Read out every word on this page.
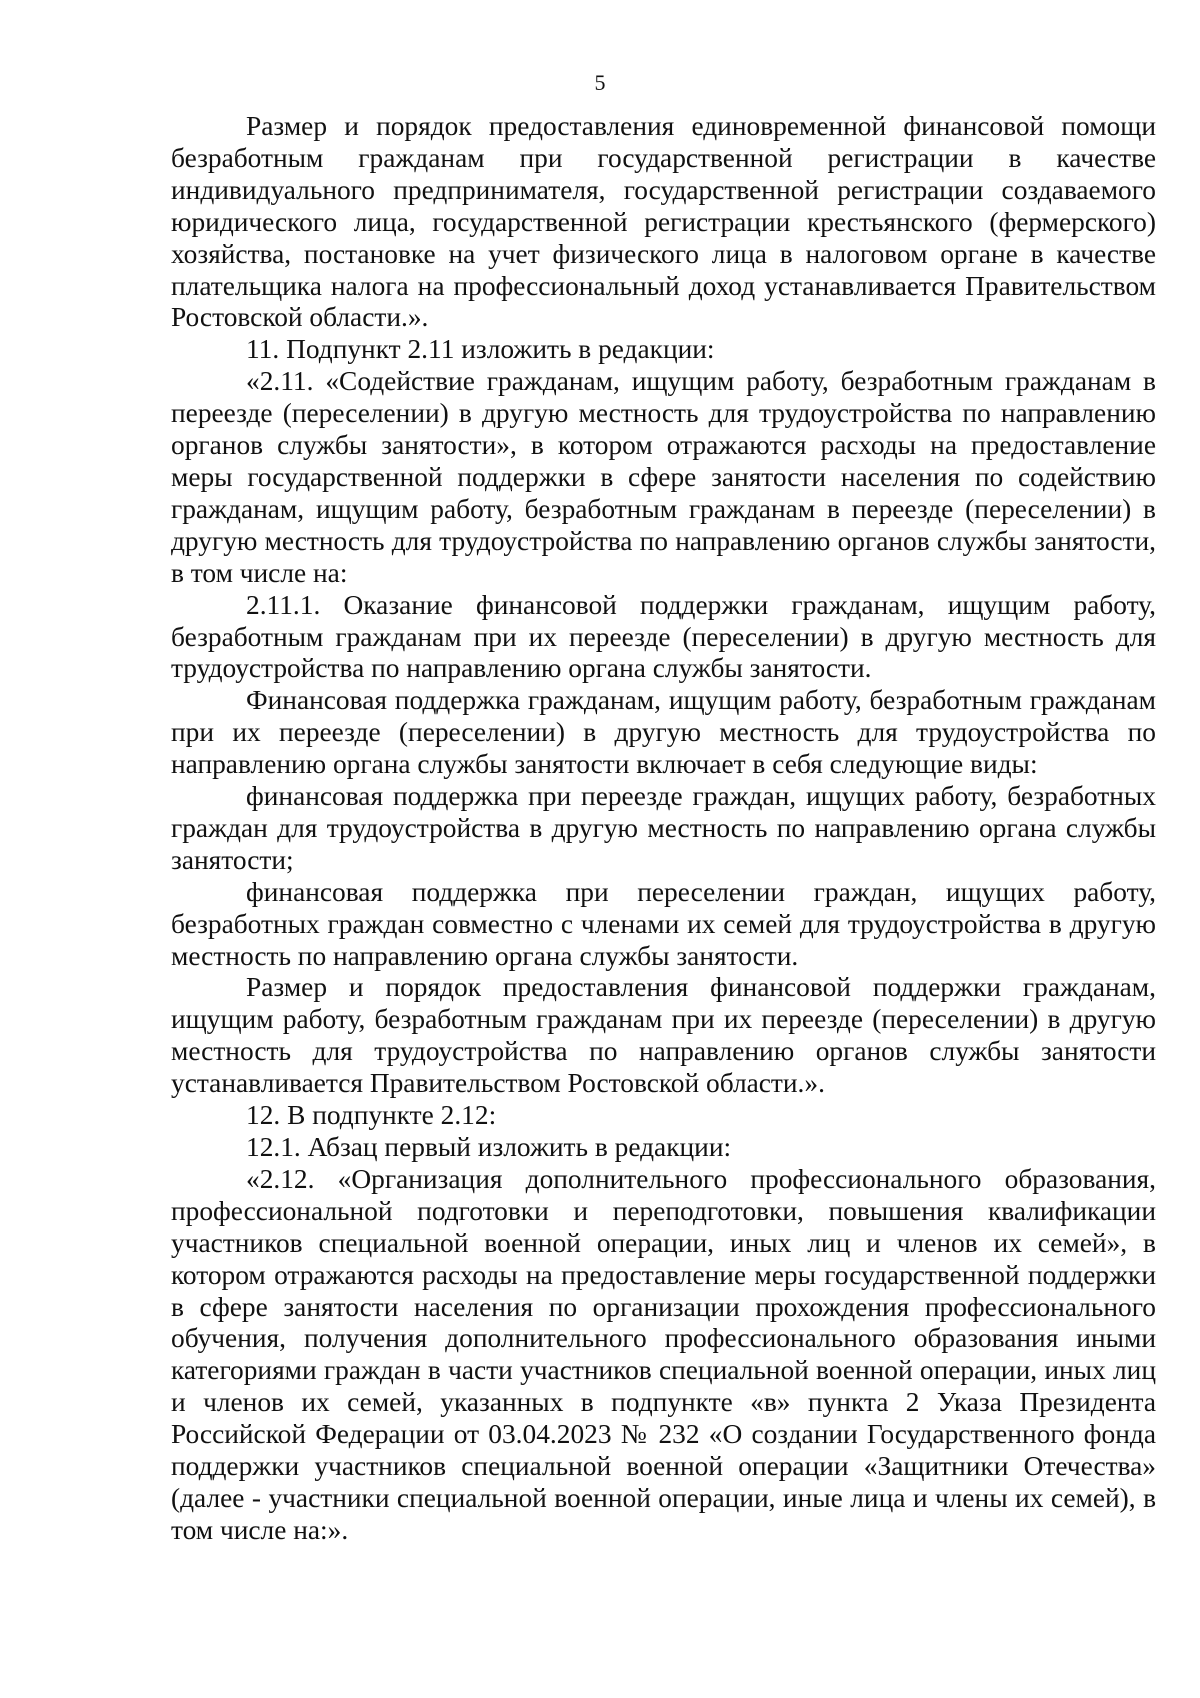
5

Размер и порядок предоставления единовременной финансовой помощи безработным гражданам при государственной регистрации в качестве индивидуального предпринимателя, государственной регистрации создаваемого юридического лица, государственной регистрации крестьянского (фермерского) хозяйства, постановке на учет физического лица в налоговом органе в качестве плательщика налога на профессиональный доход устанавливается Правительством Ростовской области.».

11. Подпункт 2.11 изложить в редакции:

«2.11. «Содействие гражданам, ищущим работу, безработным гражданам в переезде (переселении) в другую местность для трудоустройства по направлению органов службы занятости», в котором отражаются расходы на предоставление меры государственной поддержки в сфере занятости населения по содействию гражданам, ищущим работу, безработным гражданам в переезде (переселении) в другую местность для трудоустройства по направлению органов службы занятости, в том числе на:

2.11.1. Оказание финансовой поддержки гражданам, ищущим работу, безработным гражданам при их переезде (переселении) в другую местность для трудоустройства по направлению органа службы занятости.

Финансовая поддержка гражданам, ищущим работу, безработным гражданам при их переезде (переселении) в другую местность для трудоустройства по направлению органа службы занятости включает в себя следующие виды:

финансовая поддержка при переезде граждан, ищущих работу, безработных граждан для трудоустройства в другую местность по направлению органа службы занятости;

финансовая поддержка при переселении граждан, ищущих работу, безработных граждан совместно с членами их семей для трудоустройства в другую местность по направлению органа службы занятости.

Размер и порядок предоставления финансовой поддержки гражданам, ищущим работу, безработным гражданам при их переезде (переселении) в другую местность для трудоустройства по направлению органов службы занятости устанавливается Правительством Ростовской области.».

12. В подпункте 2.12:

12.1. Абзац первый изложить в редакции:

«2.12. «Организация дополнительного профессионального образования, профессиональной подготовки и переподготовки, повышения квалификации участников специальной военной операции, иных лиц и членов их семей», в котором отражаются расходы на предоставление меры государственной поддержки в сфере занятости населения по организации прохождения профессионального обучения, получения дополнительного профессионального образования иными категориями граждан в части участников специальной военной операции, иных лиц и членов их семей, указанных в подпункте «в» пункта 2 Указа Президента Российской Федерации от 03.04.2023 № 232 «О создании Государственного фонда поддержки участников специальной военной операции «Защитники Отечества» (далее - участники специальной военной операции, иные лица и члены их семей), в том числе на:».
